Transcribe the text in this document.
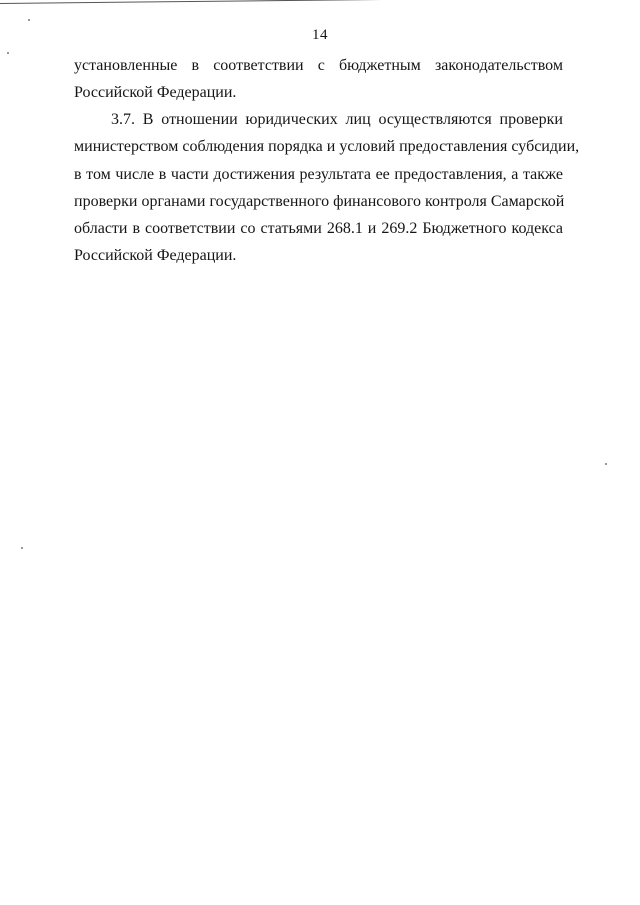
14
установленные в соответствии с бюджетным законодательством
Российской Федерации.
3.7. В отношении юридических лиц осуществляются проверки
министерством соблюдения порядка и условий предоставления субсидии,
в том числе в части достижения результата ее предоставления, а также
проверки органами государственного финансового контроля Самарской
области в соответствии со статьями 268.1 и 269.2 Бюджетного кодекса
Российской Федерации.
